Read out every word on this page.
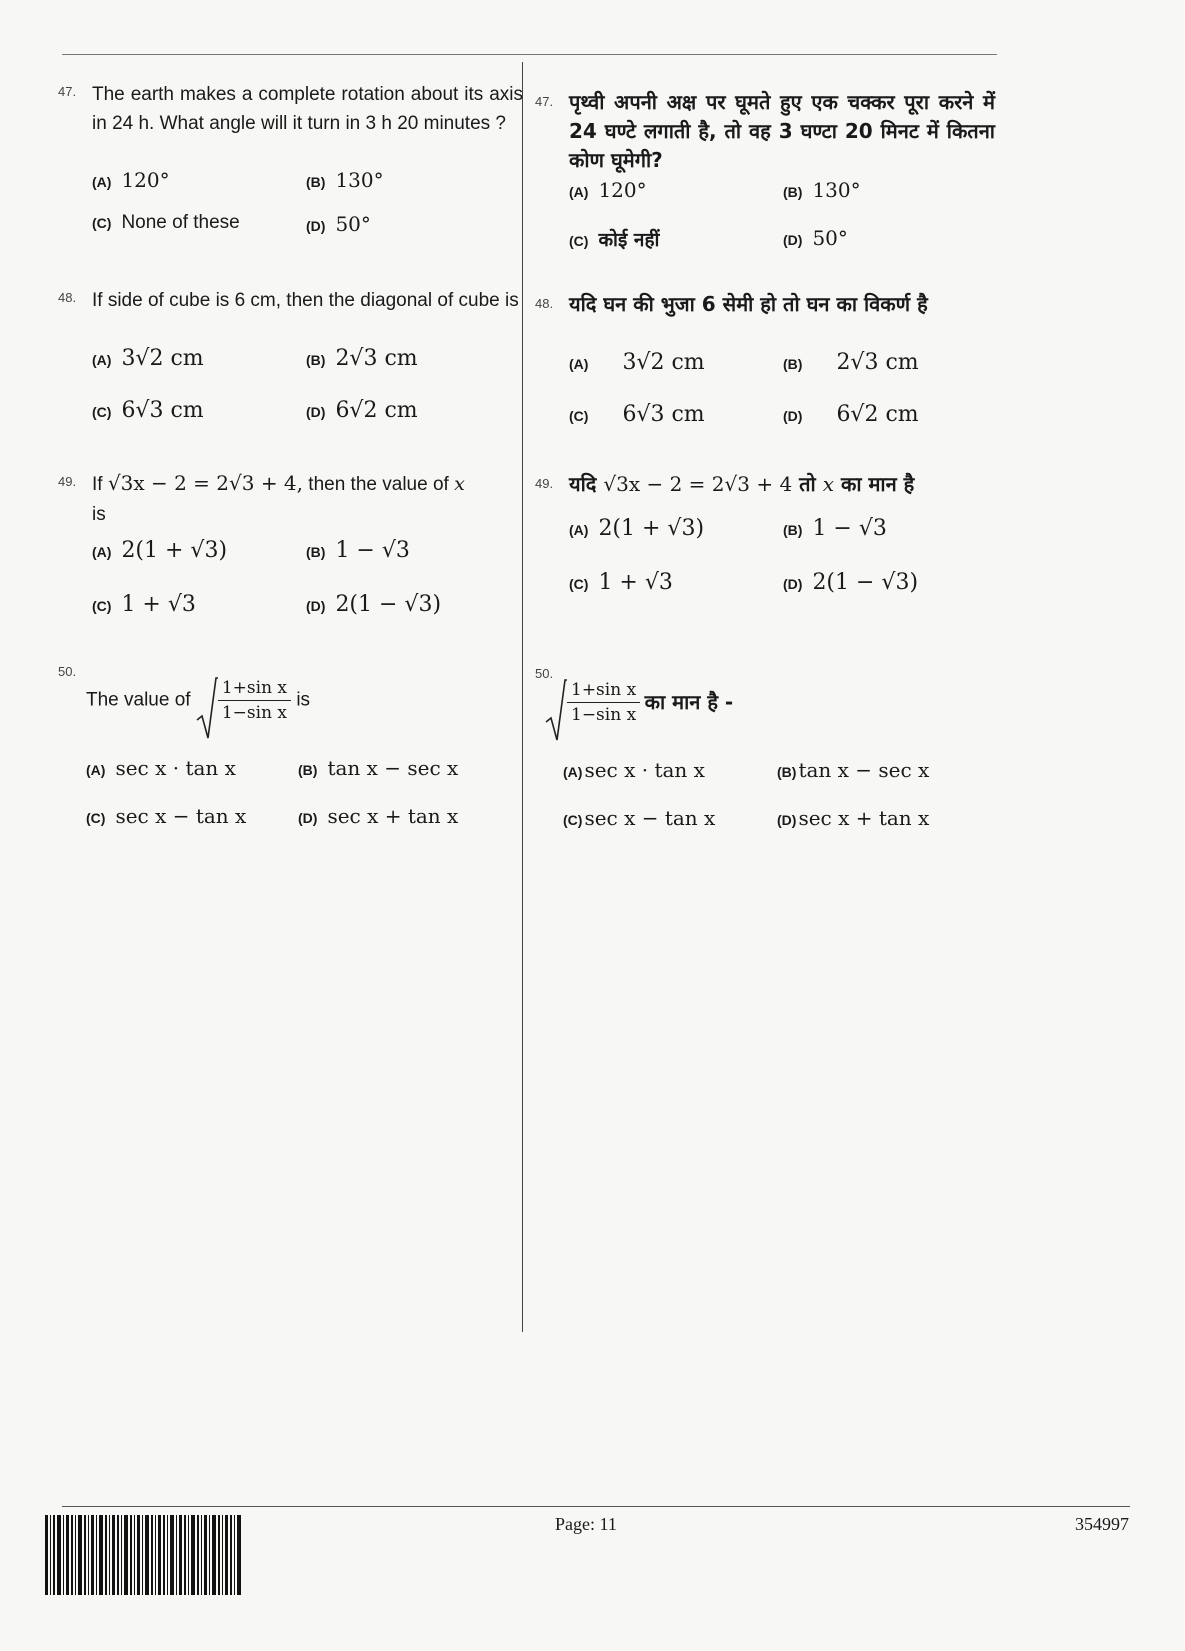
47. The earth makes a complete rotation about its axis in 24 h. What angle will it turn in 3 h 20 minutes ?
(A) 120°	(B) 130°
(C) None of these	(D) 50°
48. If side of cube is 6 cm, then the diagonal of cube is
(A) 3√2 cm	(B) 2√3 cm
(C) 6√3 cm	(D) 6√2 cm
49. If √3x − 2 = 2√3 + 4, then the value of x
is
(A) 2(1 + √3)	(B) 1 − √3
(C) 1 + √3	(D) 2(1 − √3)
50.
The value of $\frac{\text{1+sin x}}{\text{1−sin x}}$ is
(A) sec x · tan x	(B) tan x − sec x
(C) sec x − tan x	(D) sec x + tan x
47. पृथ्वी अपनी अक्ष पर घूमते हुए एक चक्कर पूरा करने में 24 घण्टे लगाती है, तो वह 3 घण्टा 20 मिनट में कितना कोण घूमेगी?
(A) 120°	(B) 130°
(C) कोई नहीं	(D) 50°
48. यदि घन की भुजा 6 सेमी हो तो घन का विकर्ण है
(A) 3√2 cm	(B) 2√3 cm
(C) 6√3 cm	(D) 6√2 cm
49. यदि √3x − 2 = 2√3 + 4 तो x का मान है
(A) 2(1 + √3)	(B) 1 − √3
(C) 1 + √3	(D) 2(1 − √3)
50.
$\frac{\text{1+sin x}}{\text{1−sin x}}$ का मान है -
(A) sec x · tan x	(B) tan x − sec x
(C) sec x − tan x	(D) sec x + tan x
Page: 11	354997
